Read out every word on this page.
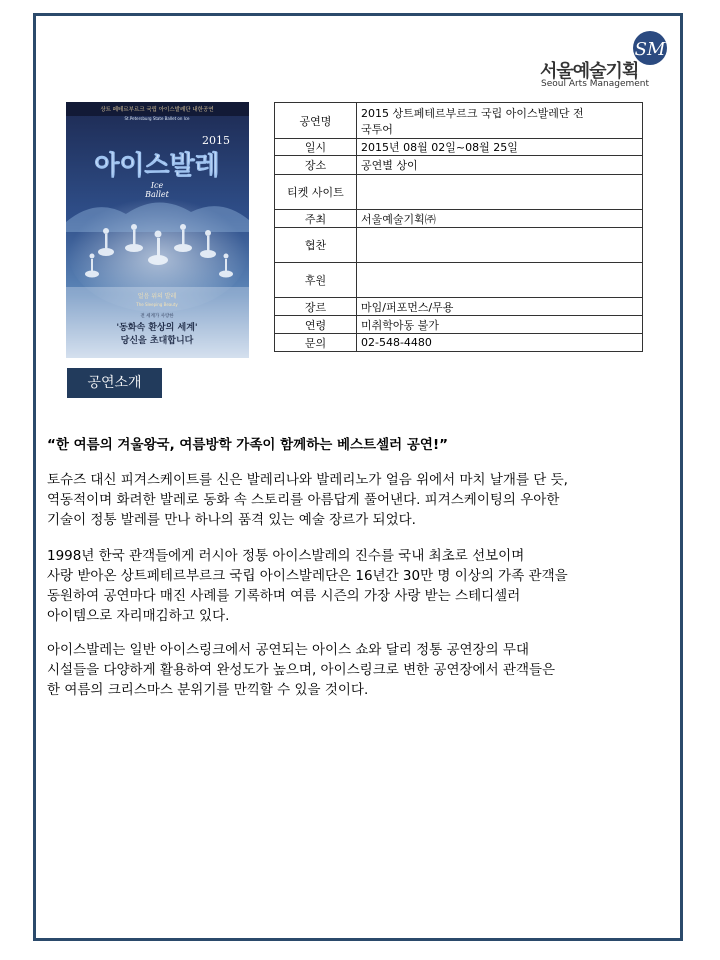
SM
서울예술기획
Seoul Arts Management
상트 페테르부르크 국립 아이스발레단 내한공연
St.Petersburg State Ballet on Ice
2015
아이스발레
Ice
얼음 위의 발레
The Sleeping Beauty
전 세계가 사랑한
'동화속 환상의 세계'
당신을 초대합니다
공연명	2015 상트페테르부르크 국립 아이스발레단 전
국투어

일시	2015년 08월 02일~08월 25일
장소	공연별 상이
티켓 사이트	
주최	서울예술기획㈜
협찬	
후원	
장르	마임/퍼포먼스/무용
연령	미취학아동 불가
문의	02-548-4480
공연소개
“한 여름의 겨울왕국, 여름방학 가족이 함께하는 베스트셀러 공연!”
토슈즈 대신 피겨스케이트를 신은 발레리나와 발레리노가 얼음 위에서 마치 날개를 단 듯,
역동적이며 화려한 발레로 동화 속 스토리를 아름답게 풀어낸다. 피겨스케이팅의 우아한
기술이 정통 발레를 만나 하나의 품격 있는 예술 장르가 되었다.
1998년 한국 관객들에게 러시아 정통 아이스발레의 진수를 국내 최초로 선보이며
사랑 받아온 상트페테르부르크 국립 아이스발레단은 16년간 30만 명 이상의 가족 관객을
동원하여 공연마다 매진 사례를 기록하며 여름 시즌의 가장 사랑 받는 스테디셀러
아이템으로 자리매김하고 있다.
아이스발레는 일반 아이스링크에서 공연되는 아이스 쇼와 달리 정통 공연장의 무대
시설들을 다양하게 활용하여 완성도가 높으며, 아이스링크로 변한 공연장에서 관객들은
한 여름의 크리스마스 분위기를 만끽할 수 있을 것이다.
